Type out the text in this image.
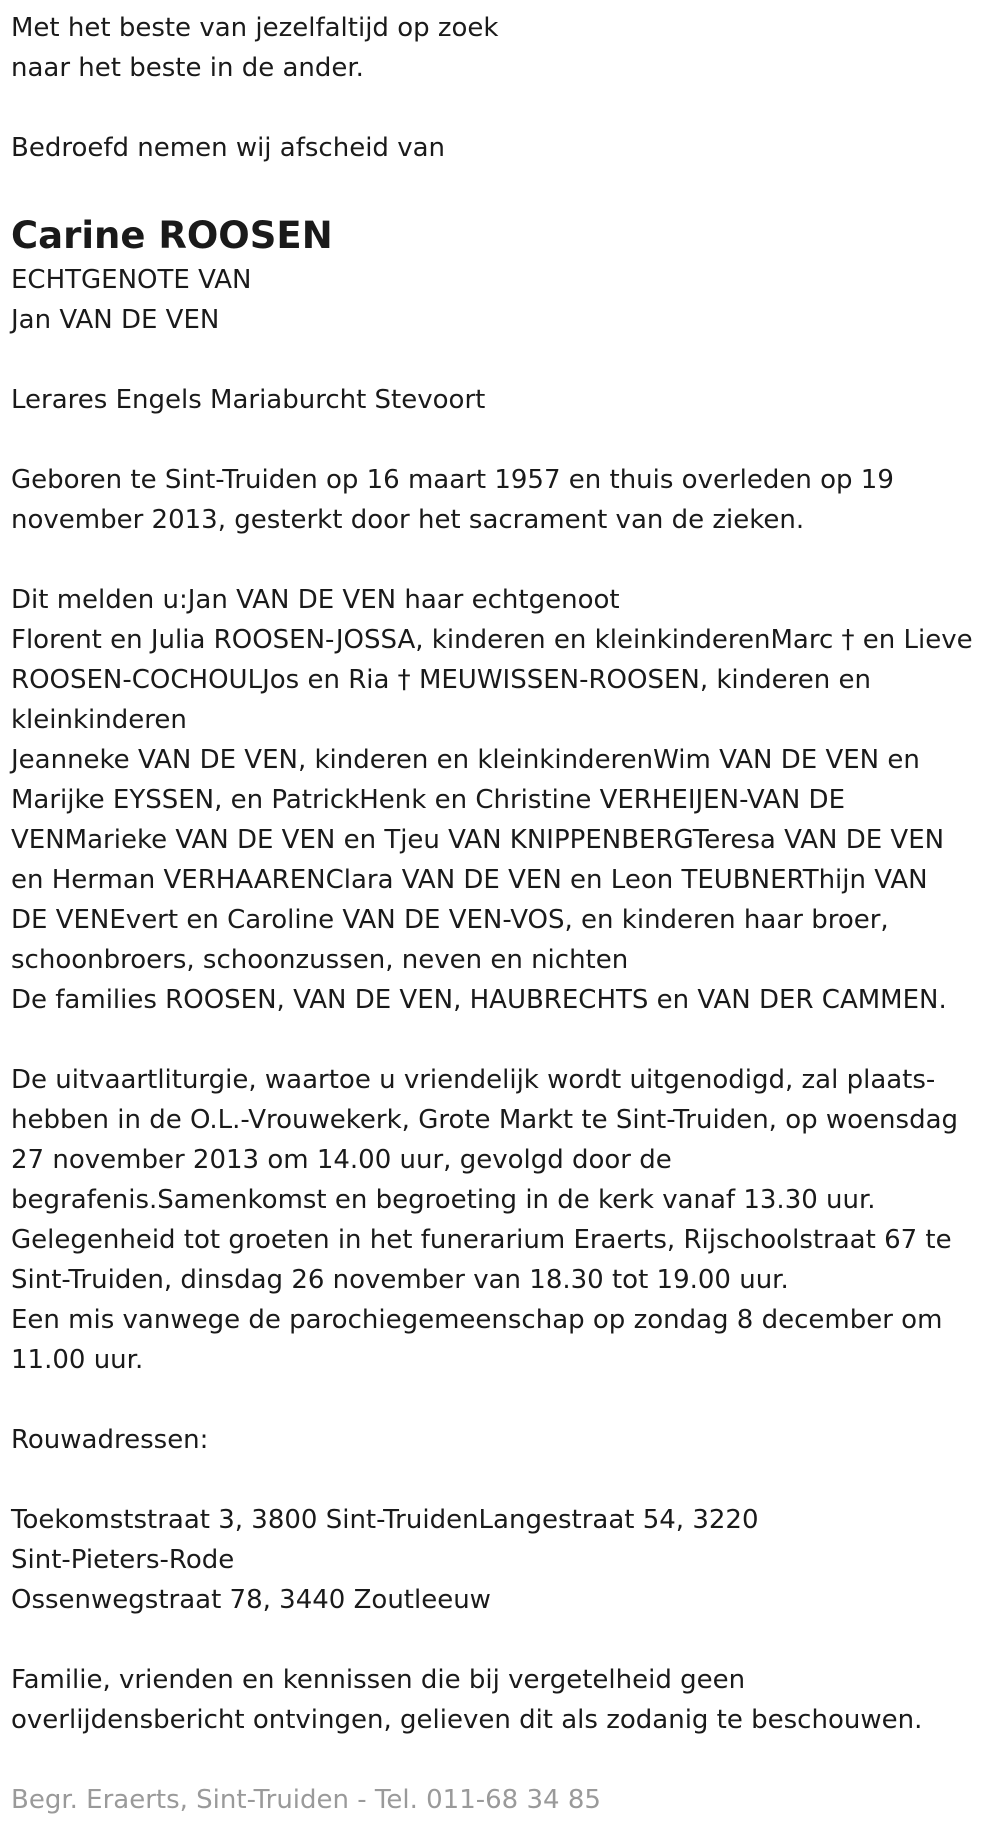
Met het beste van jezelfaltijd op zoek

naar het beste in de ander.

Bedroefd nemen wij afscheid van

Carine ROOSEN

ECHTGENOTE VAN

Jan VAN DE VEN

Lerares Engels Mariaburcht Stevoort

Geboren te Sint-Truiden op 16 maart 1957 en thuis overleden op 19

november 2013, gesterkt door het sacrament van de zieken.

Dit melden u:Jan VAN DE VEN haar echtgenoot

Florent en Julia ROOSEN-JOSSA, kinderen en kleinkinderenMarc † en Lieve

ROOSEN-COCHOULJos en Ria † MEUWISSEN-ROOSEN, kinderen en

kleinkinderen

Jeanneke VAN DE VEN, kinderen en kleinkinderenWim VAN DE VEN en

Marijke EYSSEN, en PatrickHenk en Christine VERHEIJEN-VAN DE

VENMarieke VAN DE VEN en Tjeu VAN KNIPPENBERGTeresa VAN DE VEN

en Herman VERHAARENClara VAN DE VEN en Leon TEUBNERThijn VAN

DE VENEvert en Caroline VAN DE VEN-VOS, en kinderen haar broer,

schoonbroers, schoonzussen, neven en nichten

De families ROOSEN, VAN DE VEN, HAUBRECHTS en VAN DER CAMMEN.

De uitvaartliturgie, waartoe u vriendelijk wordt uitgenodigd, zal plaats-

hebben in de O.L.-Vrouwekerk, Grote Markt te Sint-Truiden, op woensdag

27 november 2013 om 14.00 uur, gevolgd door de

begrafenis.Samenkomst en begroeting in de kerk vanaf 13.30 uur.

Gelegenheid tot groeten in het funerarium Eraerts, Rijschoolstraat 67 te

Sint-Truiden, dinsdag 26 november van 18.30 tot 19.00 uur.

Een mis vanwege de parochiegemeenschap op zondag 8 december om

11.00 uur.

Rouwadressen:

Toekomststraat 3, 3800 Sint-TruidenLangestraat 54, 3220

Sint-Pieters-Rode

Ossenwegstraat 78, 3440 Zoutleeuw

Familie, vrienden en kennissen die bij vergetelheid geen

overlijdensbericht ontvingen, gelieven dit als zodanig te beschouwen.

Begr. Eraerts, Sint-Truiden - Tel. 011-68 34 85
